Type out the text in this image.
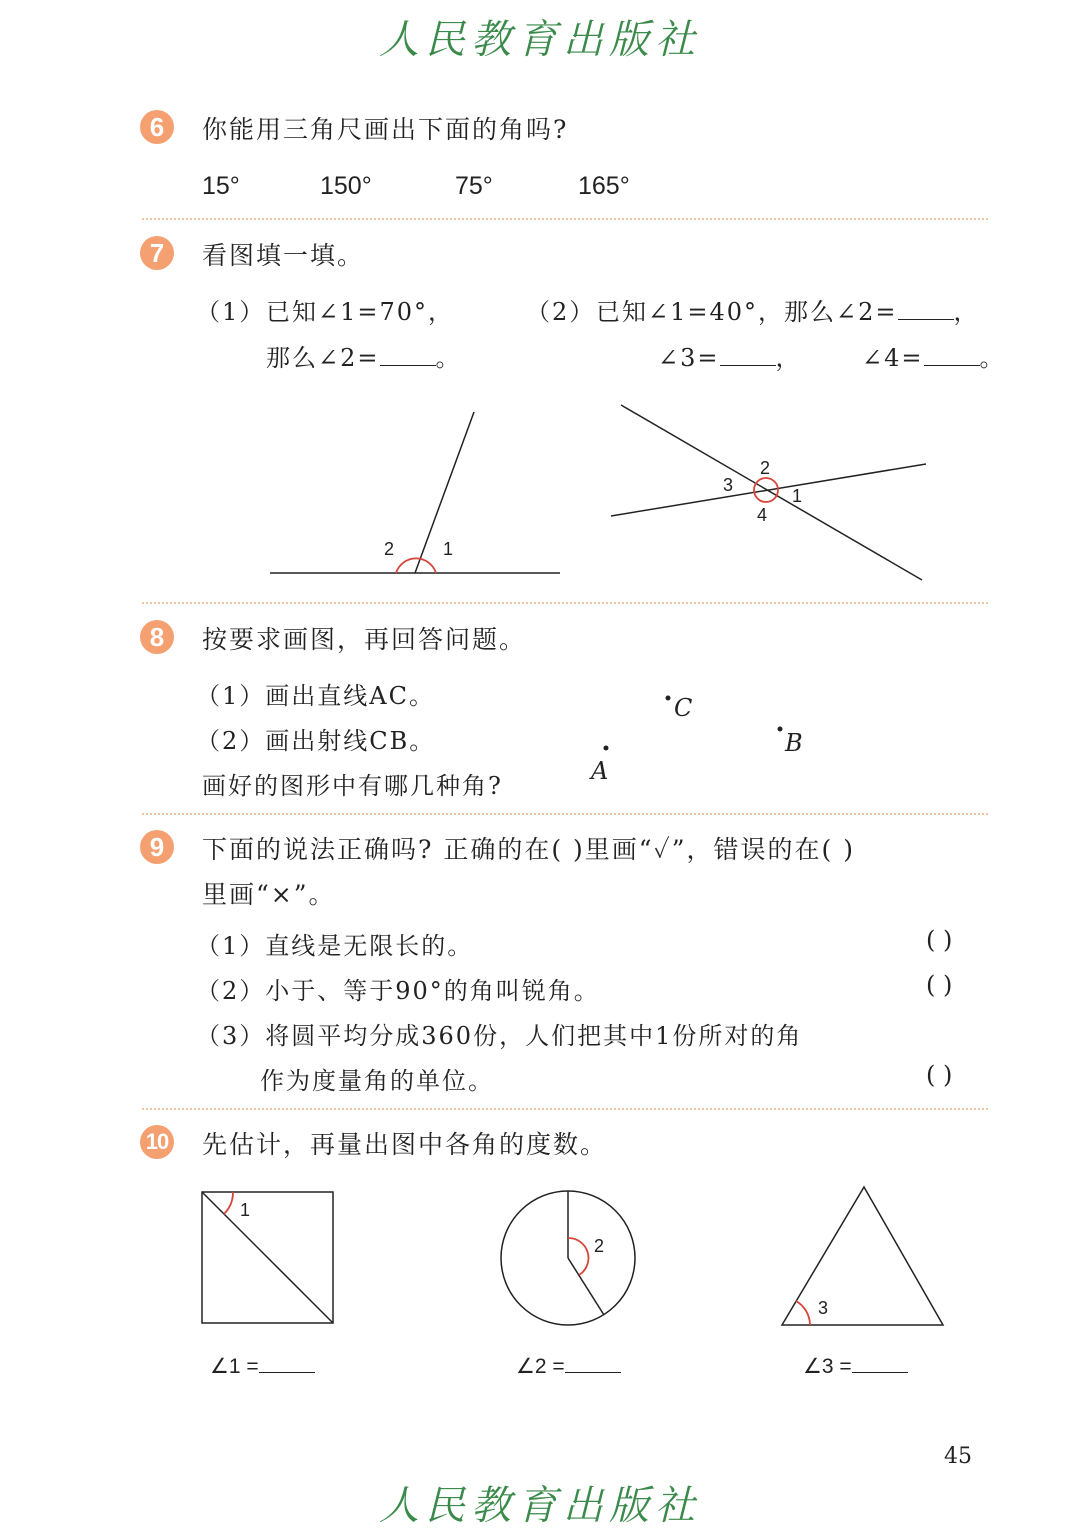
人民教育出版社
6	你能用三角尺画出下面的角吗?
15°	150°	75°	165°
7	看图填一填。
（1） 已知∠1=70°，
那么∠2= 。
（2） 已知∠1=40°，那么∠2= ，
∠3= ，	∠4= 。
2	1
2
3
1
4
C
B
A
1
2
3
8	按要求画图，再回答问题。
（1）画出直线AC。
（2）画出射线CB。
画好的图形中有哪几种角?
9	下面的说法正确吗? 正确的在( )里画“✓”，错误的在( )
里画“×”。
（1）直线是无限长的。	( )
（2）小于、等于90°的角叫锐角。	( )
（3）将圆平均分成360份，人们把其中1份所对的角
作为度量角的单位。	( )
10 先估计，再量出图中各角的度数。
∠1 =	∠2 =	∠3 =
45
人民教育出版社
